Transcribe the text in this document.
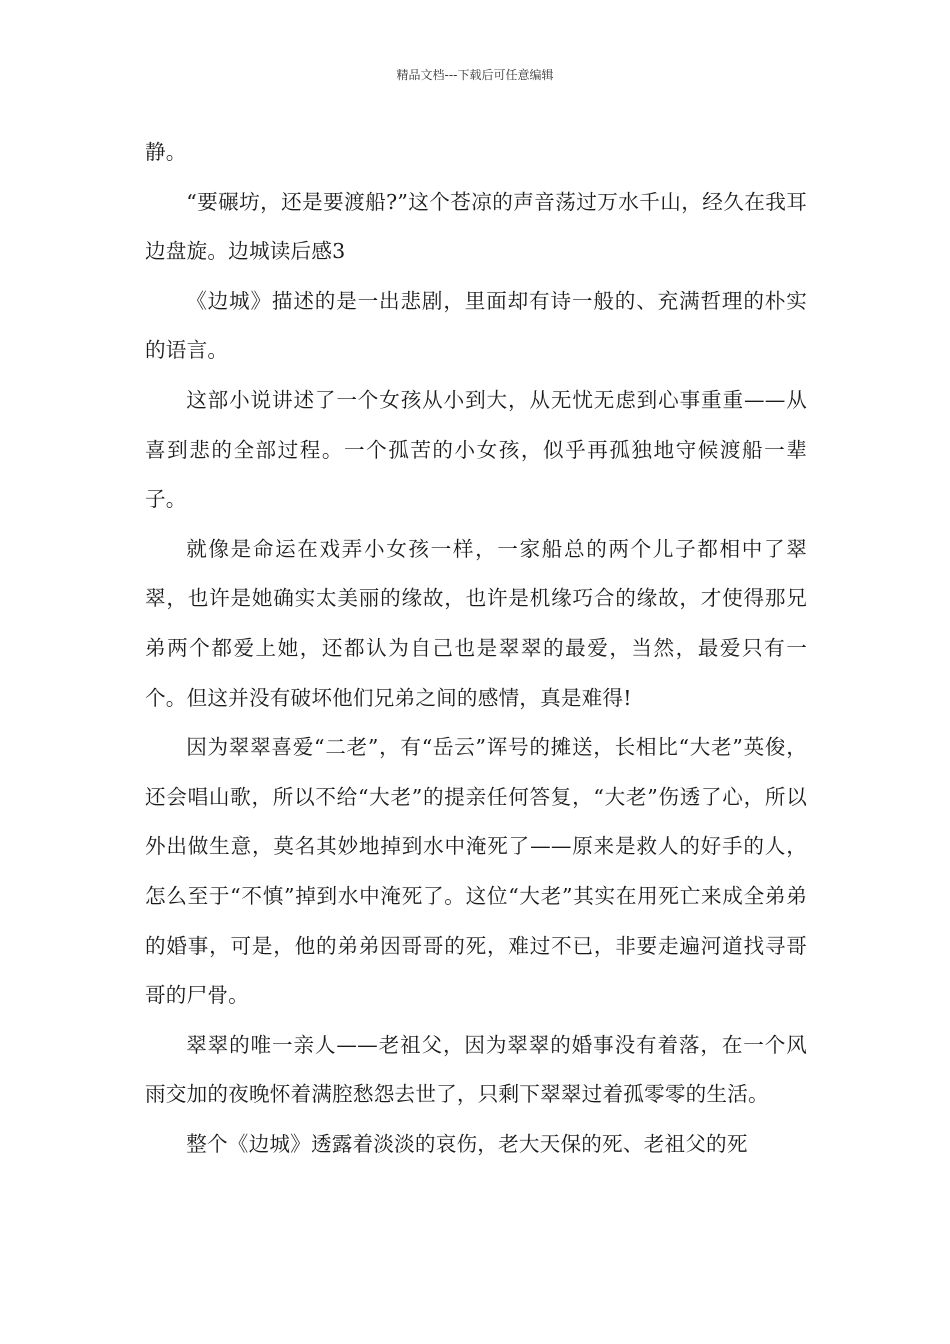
精品文档---下载后可任意编辑

静。

“要碾坊，还是要渡船?”这个苍凉的声音荡过万水千山，经久在我耳边盘旋。边城读后感3

《边城》描述的是一出悲剧，里面却有诗一般的、充满哲理的朴实的语言。

这部小说讲述了一个女孩从小到大，从无忧无虑到心事重重——从喜到悲的全部过程。一个孤苦的小女孩，似乎再孤独地守候渡船一辈子。

就像是命运在戏弄小女孩一样，一家船总的两个儿子都相中了翠翠，也许是她确实太美丽的缘故，也许是机缘巧合的缘故，才使得那兄弟两个都爱上她，还都认为自己也是翠翠的最爱，当然，最爱只有一个。但这并没有破坏他们兄弟之间的感情，真是难得!

因为翠翠喜爱“二老”，有“岳云”诨号的摊送，长相比“大老”英俊，还会唱山歌，所以不给“大老”的提亲任何答复，“大老”伤透了心，所以外出做生意，莫名其妙地掉到水中淹死了——原来是救人的好手的人，怎么至于“不慎”掉到水中淹死了。这位“大老”其实在用死亡来成全弟弟的婚事，可是，他的弟弟因哥哥的死，难过不已，非要走遍河道找寻哥哥的尸骨。

翠翠的唯一亲人——老祖父，因为翠翠的婚事没有着落，在一个风雨交加的夜晚怀着满腔愁怨去世了，只剩下翠翠过着孤零零的生活。

整个《边城》透露着淡淡的哀伤，老大天保的死、老祖父的死
